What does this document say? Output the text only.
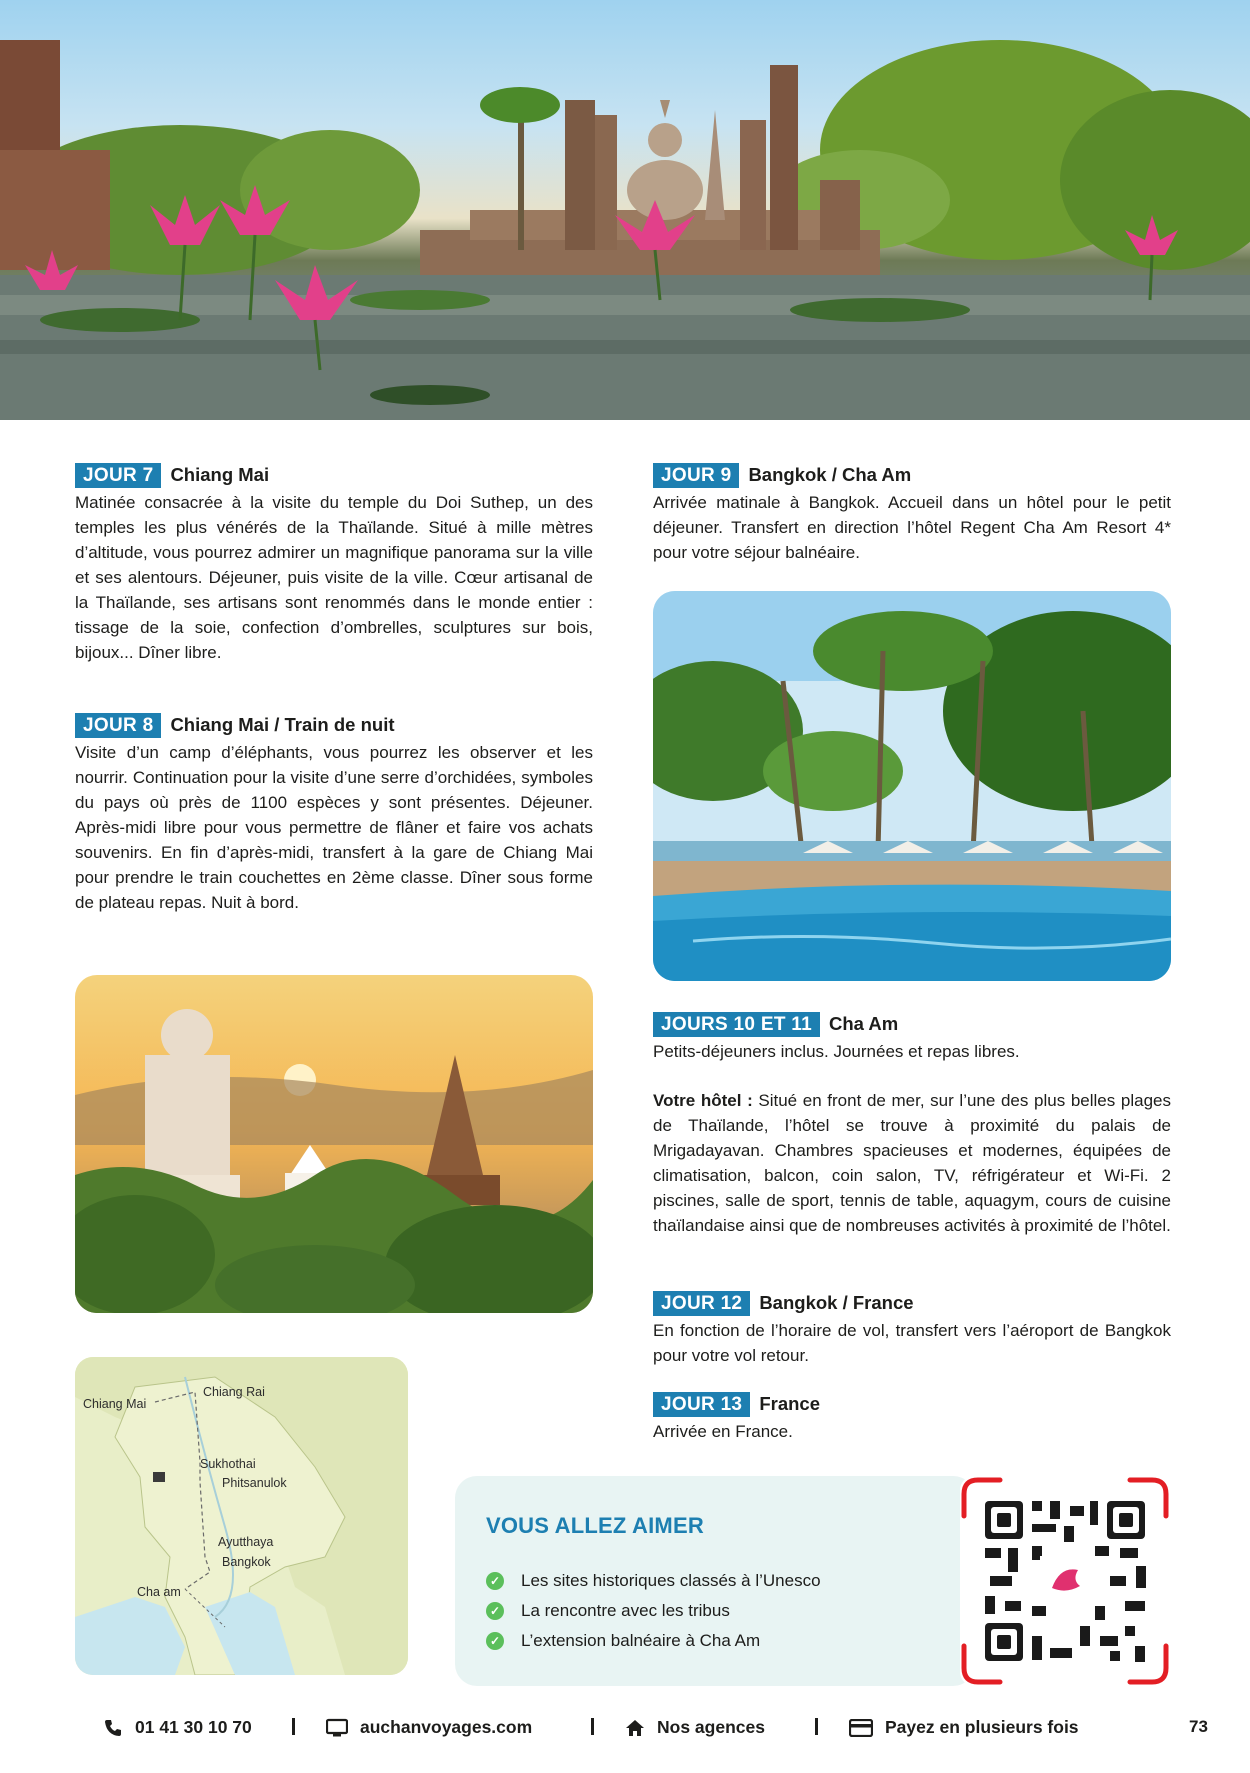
JOUR 7 Chiang Mai

Matinée consacrée à la visite du temple du Doi Suthep, un des temples les plus vénérés de la Thaïlande. Situé à mille mètres d’altitude, vous pourrez admirer un magnifique panorama sur la ville et ses alentours. Déjeuner, puis visite de la ville. Cœur artisanal de la Thaïlande, ses artisans sont renommés dans le monde entier : tissage de la soie, confection d’ombrelles, sculptures sur bois, bijoux... Dîner libre.

JOUR 8 Chiang Mai / Train de nuit

Visite d’un camp d’éléphants, vous pourrez les observer et les nourrir. Continuation pour la visite d’une serre d’orchidées, symboles du pays où près de 1100 espèces y sont présentes. Déjeuner. Après-midi libre pour vous permettre de flâner et faire vos achats souvenirs. En fin d’après-midi, transfert à la gare de Chiang Mai pour prendre le train couchettes en 2ème classe. Dîner sous forme de plateau repas. Nuit à bord.

Chiang Mai
Chiang Rai
Sukhothai
Phitsanulok
Ayutthaya
Bangkok
Cha am
JOUR 9 Bangkok / Cha Am

Arrivée matinale à Bangkok. Accueil dans un hôtel pour le petit déjeuner. Transfert en direction l’hôtel Regent Cha Am Resort 4* pour votre séjour balnéaire.

JOURS 10 ET 11 Cha Am

Petits-déjeuners inclus. Journées et repas libres.

Votre hôtel : Situé en front de mer, sur l’une des plus belles plages de Thaïlande, l’hôtel se trouve à proximité du palais de Mrigadayavan. Chambres spacieuses et modernes, équipées de climatisation, balcon, coin salon, TV, réfrigérateur et Wi-Fi. 2 piscines, salle de sport, tennis de table, aquagym, cours de cuisine thaïlandaise ainsi que de nombreuses activités à proximité de l’hôtel.

JOUR 12 Bangkok / France

En fonction de l’horaire de vol, transfert vers l’aéroport de Bangkok pour votre vol retour.

JOUR 13 France

Arrivée en France.

VOUS ALLEZ AIMER
✓ Les sites historiques classés à l’Unesco
✓ La rencontre avec les tribus
✓ L’extension balnéaire à Cha Am
01 41 30 10 70	auchanvoyages.com	Nos agences	Payez en plusieurs fois	73
